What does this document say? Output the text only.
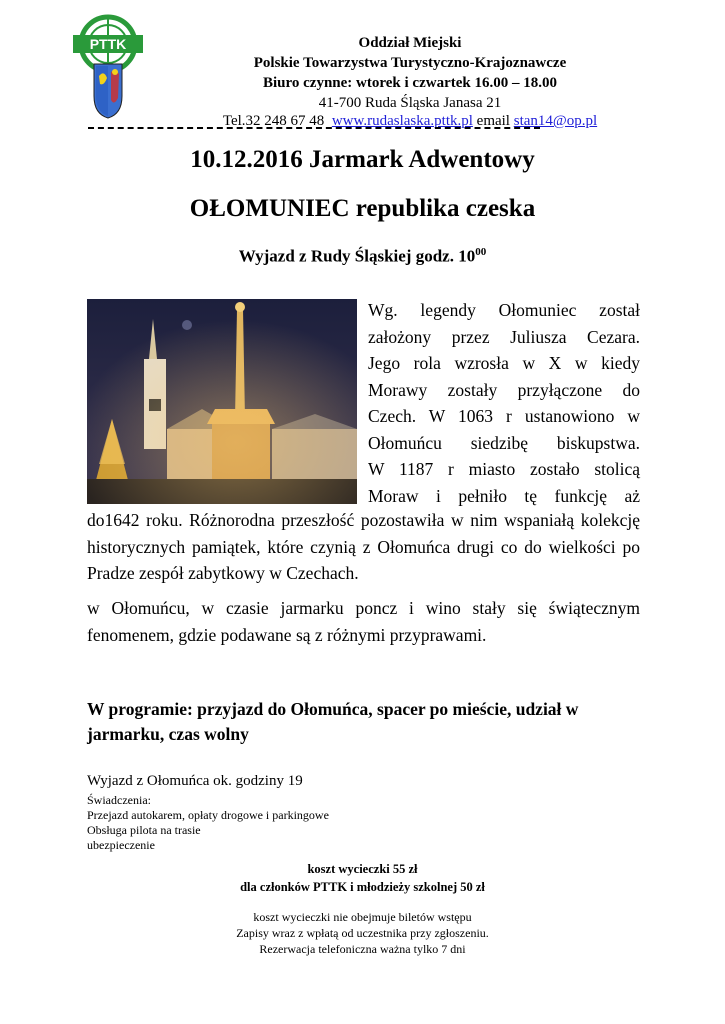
PTTK	Oddział Miejski
Polskie Towarzystwa Turystyczno-Krajoznawcze
Biuro czynne: wtorek i czwartek 16.00 – 18.00
41-700 Ruda Śląska Janasa 21
Tel.32 248 67 48 www.rudaslaska.pttk.pl email stan14@op.pl
10.12.2016 Jarmark Adwentowy
OŁOMUNIEC republika czeska
Wyjazd z Rudy Śląskiej godz. $10^{00}$
Wg. legendy Ołomuniec został
założony przez Juliusza Cezara.
Jego rola wzrosła w X w kiedy
Morawy zostały przyłączone do
Czech. W 1063 r ustanowiono w
Ołomuńcu siedzibę biskupstwa.
W 1187 r miasto zostało stolicą
Moraw i pełniło tę funkcję aż
do1642 roku. Różnorodna przeszłość pozostawiła w nim wspaniałą kolekcję historycznych pamiątek, które czynią z Ołomuńca drugi co do wielkości po Pradze zespół zabytkowy w Czechach.
w Ołomuńcu, w czasie jarmarku poncz i wino stały się świątecznym fenomenem, gdzie podawane są z różnymi przyprawami.
W programie: przyjazd do Ołomuńca, spacer po mieście, udział w jarmarku, czas wolny
Wyjazd z Ołomuńca ok. godziny 19
Świadczenia:
Przejazd autokarem, opłaty drogowe i parkingowe
Obsługa pilota na trasie
ubezpieczenie
koszt wycieczki 55 zł
dla członków PTTK i młodzieży szkolnej 50 zł
koszt wycieczki nie obejmuje biletów wstępu
Zapisy wraz z wpłatą od uczestnika przy zgłoszeniu.
Rezerwacja telefoniczna ważna tylko 7 dni
